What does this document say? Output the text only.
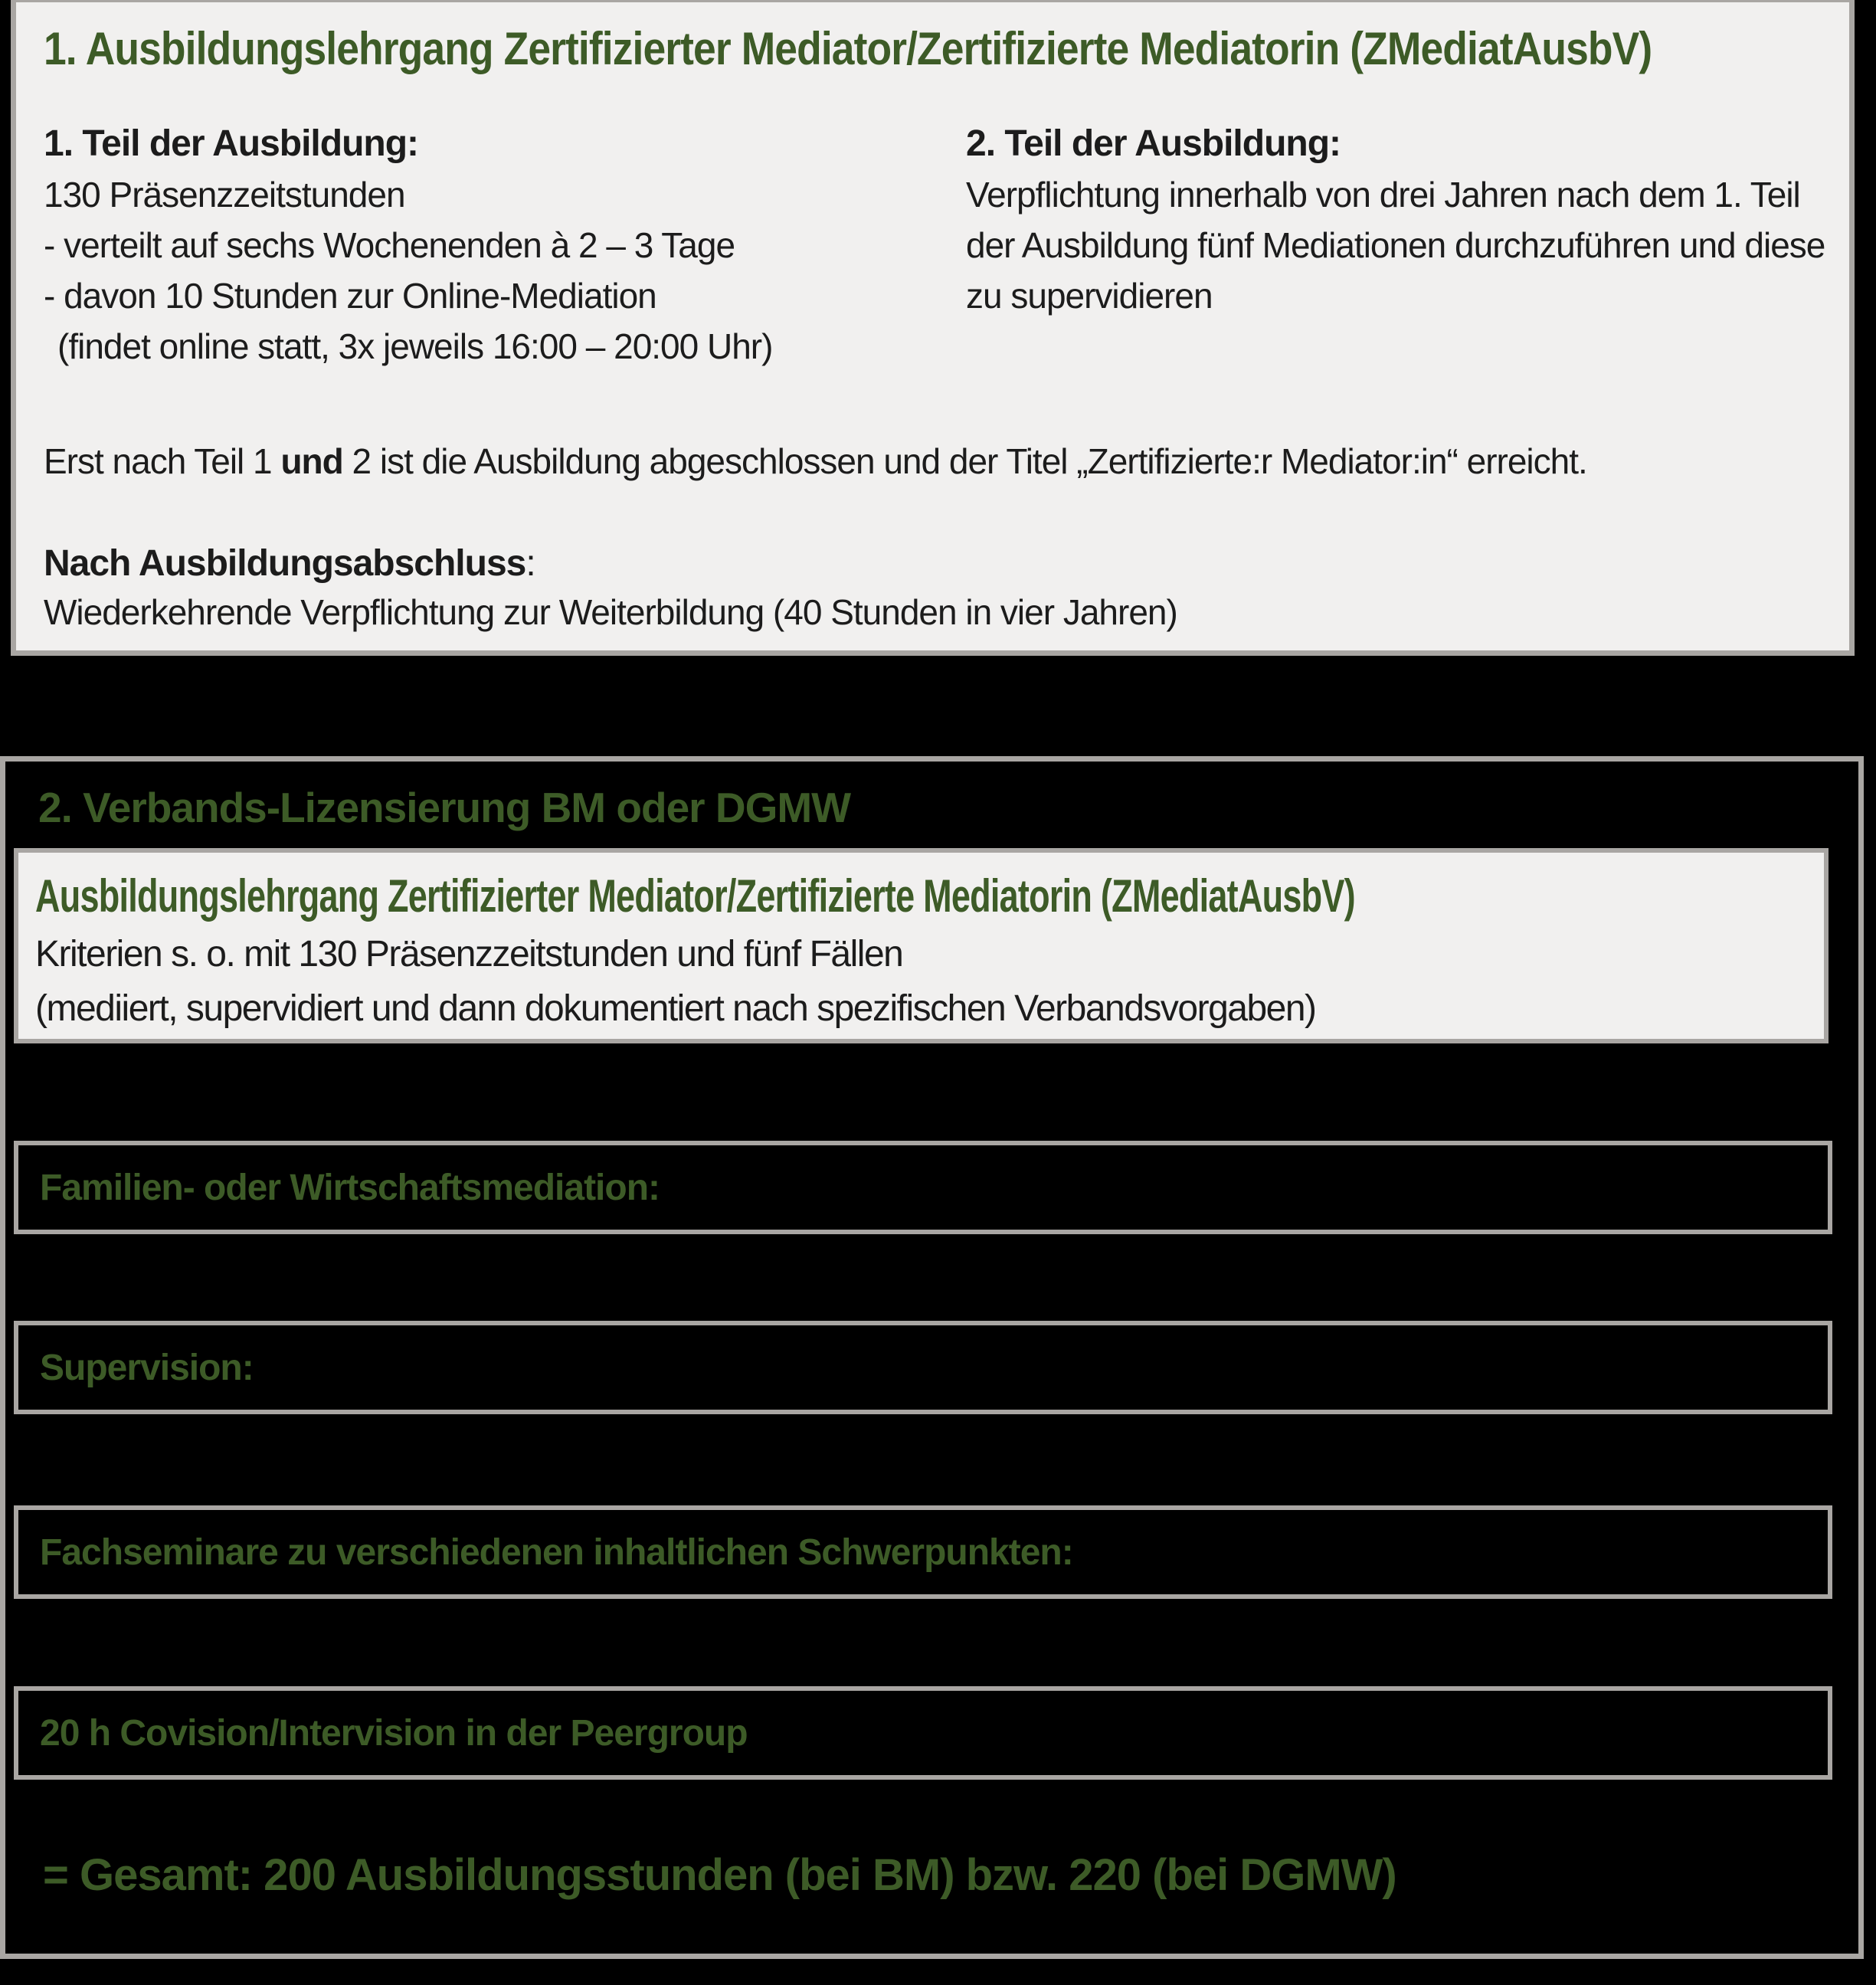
1. Ausbildungslehrgang Zertifizierter Mediator/Zertifizierte Mediatorin (ZMediatAusbV)
1. Teil der Ausbildung:
130 Präsenzzeitstunden
- verteilt auf sechs Wochenenden à 2 – 3 Tage
- davon 10 Stunden zur Online-Mediation
(findet online statt, 3x jeweils 16:00 – 20:00 Uhr)
2. Teil der Ausbildung:
Verpflichtung innerhalb von drei Jahren nach dem 1. Teil der Ausbildung fünf Mediationen durchzuführen und diese zu supervidieren
Erst nach Teil 1 und 2 ist die Ausbildung abgeschlossen und der Titel „Zertifizierte:r Mediator:in“ erreicht.
Nach Ausbildungsabschluss:
Wiederkehrende Verpflichtung zur Weiterbildung (40 Stunden in vier Jahren)
2. Verbands-Lizensierung BM oder DGMW
Ausbildungslehrgang Zertifizierter Mediator/Zertifizierte Mediatorin (ZMediatAusbV)
Kriterien s. o. mit 130 Präsenzzeitstunden und fünf Fällen
(mediiert, supervidiert und dann dokumentiert nach spezifischen Verbandsvorgaben)
Familien- oder Wirtschaftsmediation:
Supervision:
Fachseminare zu verschiedenen inhaltlichen Schwerpunkten:
20 h Covision/Intervision in der Peergroup
= Gesamt: 200 Ausbildungsstunden (bei BM) bzw. 220 (bei DGMW)
